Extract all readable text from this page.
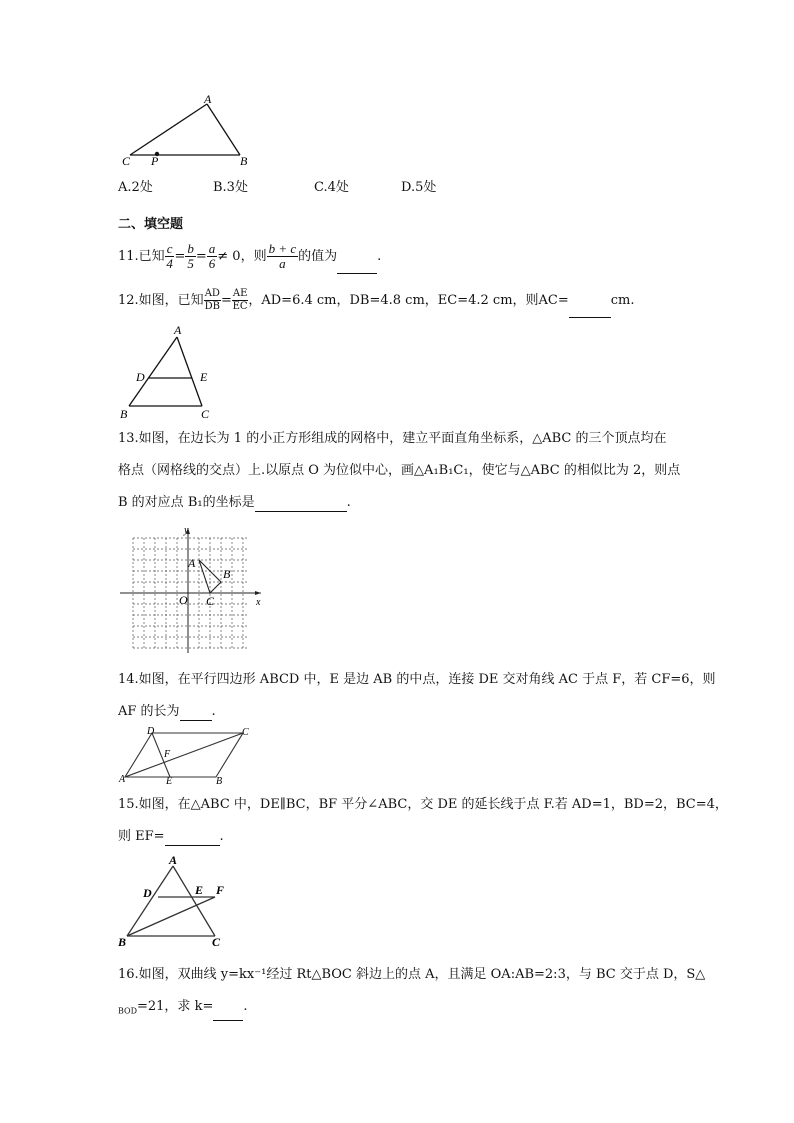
A
B
C P
A.2处	B.3处	C.4处	D.5处
二、填空题
11.已知 $\frac{c}{4} = \frac{b}{5} = \frac{a}{6} \ne 0$，则 $\frac{b + c}{a}$ 的值为	.
12.如图，已知 $\frac{AD}{DB} = \frac{AE}{EC}$ ，AD=6.4 cm，DB=4.8 cm，EC=4.2 cm，则AC=	cm.
A
D	E
B	C
13.如图，在边长为 1 的小正方形组成的网格中，建立平面直角坐标系，△ABC 的三个顶点均在
格点（网格线的交点）上.以原点 O 为位似中心，画△A₁B₁C₁，使它与△ABC 的相似比为 2，则点
B 的对应点 B₁的坐标是	.
y
x
A
B
O C
14.如图，在平行四边形 ABCD 中，E 是边 AB 的中点，连接 DE 交对角线 AC 于点 F，若 CF=6，则
AF 的长为 .
D	C
F
A	E	B
15.如图，在△ABC 中，DE∥BC，BF 平分∠ABC，交 DE 的延长线于点 F.若 AD=1，BD=2，BC=4，
则 EF=	.
A
D	E F
B	C
16.如图，双曲线 y=kx⁻¹经过 Rt△BOC 斜边上的点 A，且满足 OA:AB=2:3，与 BC 交于点 D，S△
$_{BOD}$=21，求 k= .
